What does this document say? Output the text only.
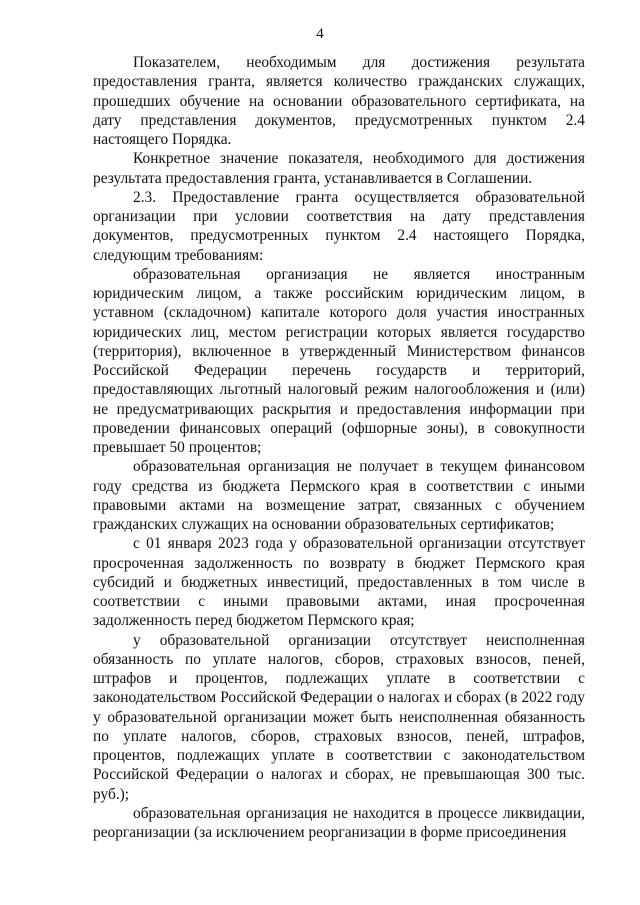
4

Показателем, необходимым для достижения результата предоставления гранта, является количество гражданских служащих, прошедших обучение на основании образовательного сертификата, на дату представления документов, предусмотренных пунктом 2.4 настоящего Порядка.

Конкретное значение показателя, необходимого для достижения результата предоставления гранта, устанавливается в Соглашении.

2.3. Предоставление гранта осуществляется образовательной организации при условии соответствия на дату представления документов, предусмотренных пунктом 2.4 настоящего Порядка, следующим требованиям:

образовательная организация не является иностранным юридическим лицом, а также российским юридическим лицом, в уставном (складочном) капитале которого доля участия иностранных юридических лиц, местом регистрации которых является государство (территория), включенное в утвержденный Министерством финансов Российской Федерации перечень государств и территорий, предоставляющих льготный налоговый режим налогообложения и (или) не предусматривающих раскрытия и предоставления информации при проведении финансовых операций (офшорные зоны), в совокупности превышает 50 процентов;

образовательная организация не получает в текущем финансовом году средства из бюджета Пермского края в соответствии с иными правовыми актами на возмещение затрат, связанных с обучением гражданских служащих на основании образовательных сертификатов;

с 01 января 2023 года у образовательной организации отсутствует просроченная задолженность по возврату в бюджет Пермского края субсидий и бюджетных инвестиций, предоставленных в том числе в соответствии с иными правовыми актами, иная просроченная задолженность перед бюджетом Пермского края;

у образовательной организации отсутствует неисполненная обязанность по уплате налогов, сборов, страховых взносов, пеней, штрафов и процентов, подлежащих уплате в соответствии с законодательством Российской Федерации о налогах и сборах (в 2022 году у образовательной организации может быть неисполненная обязанность по уплате налогов, сборов, страховых взносов, пеней, штрафов, процентов, подлежащих уплате в соответствии с законодательством Российской Федерации о налогах и сборах, не превышающая 300 тыс. руб.);

образовательная организация не находится в процессе ликвидации, реорганизации (за исключением реорганизации в форме присоединения
